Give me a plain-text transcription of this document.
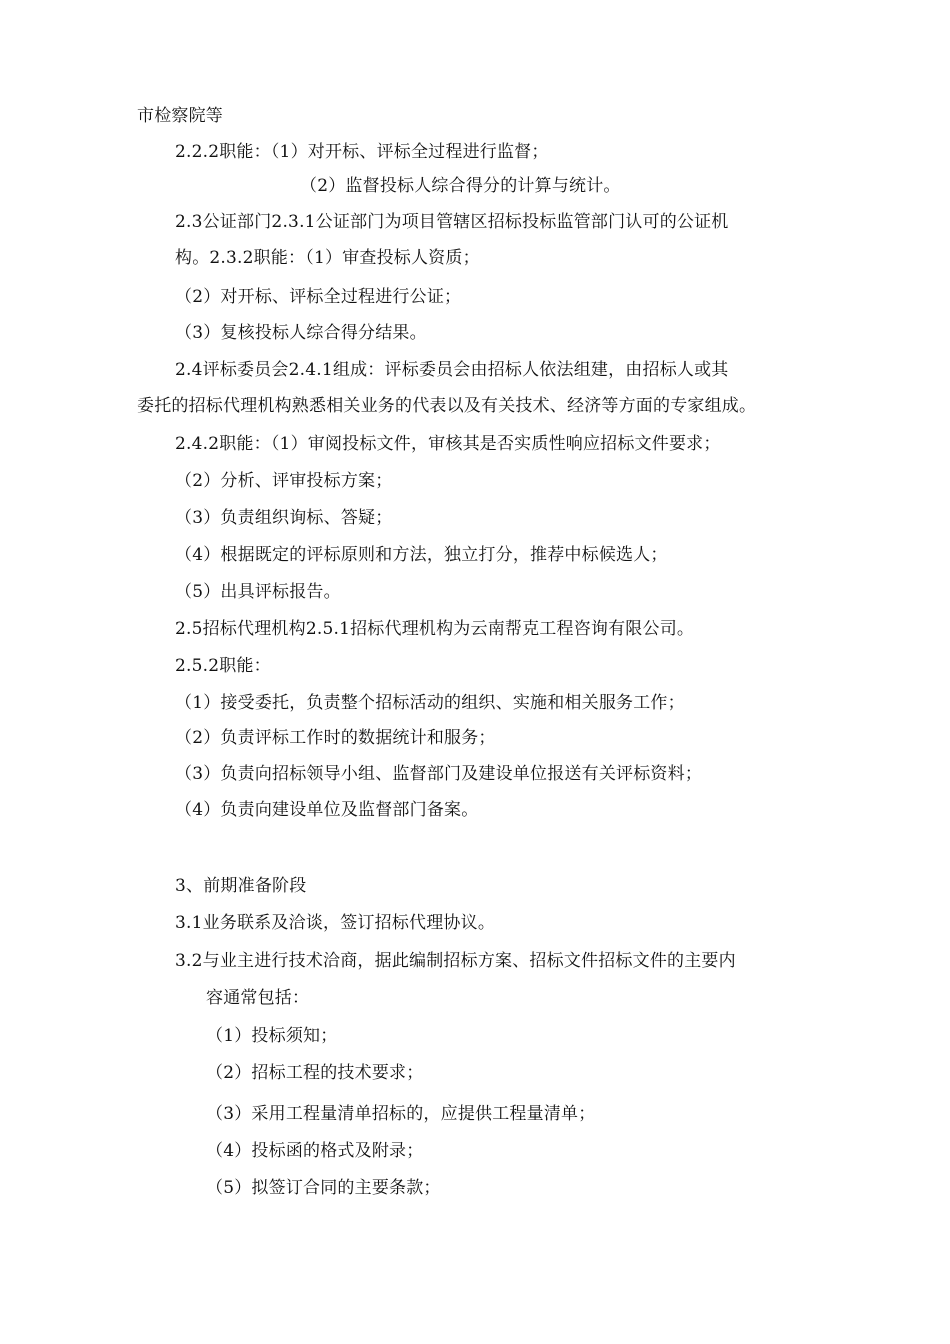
市检察院等
2.2.2职能：（1）对开标、评标全过程进行监督；
（2）监督投标人综合得分的计算与统计。
2.3公证部门2.3.1公证部门为项目管辖区招标投标监管部门认可的公证机
构。2.3.2职能：（1）审查投标人资质；
（2）对开标、评标全过程进行公证；
（3）复核投标人综合得分结果。
2.4评标委员会2.4.1组成：评标委员会由招标人依法组建，由招标人或其
委托的招标代理机构熟悉相关业务的代表以及有关技术、经济等方面的专家组成。
2.4.2职能：（1）审阅投标文件，审核其是否实质性响应招标文件要求；
（2）分析、评审投标方案；
（3）负责组织询标、答疑；
（4）根据既定的评标原则和方法，独立打分，推荐中标候选人；
（5）出具评标报告。
2.5招标代理机构2.5.1招标代理机构为云南帮克工程咨询有限公司。
2.5.2职能：
（1）接受委托，负责整个招标活动的组织、实施和相关服务工作；
（2）负责评标工作时的数据统计和服务；
（3）负责向招标领导小组、监督部门及建设单位报送有关评标资料；
（4）负责向建设单位及监督部门备案。
3、前期准备阶段
3.1业务联系及洽谈，签订招标代理协议。
3.2与业主进行技术洽商，据此编制招标方案、招标文件招标文件的主要内
容通常包括：
（1）投标须知；
（2）招标工程的技术要求；
（3）采用工程量清单招标的，应提供工程量清单；
（4）投标函的格式及附录；
（5）拟签订合同的主要条款；
